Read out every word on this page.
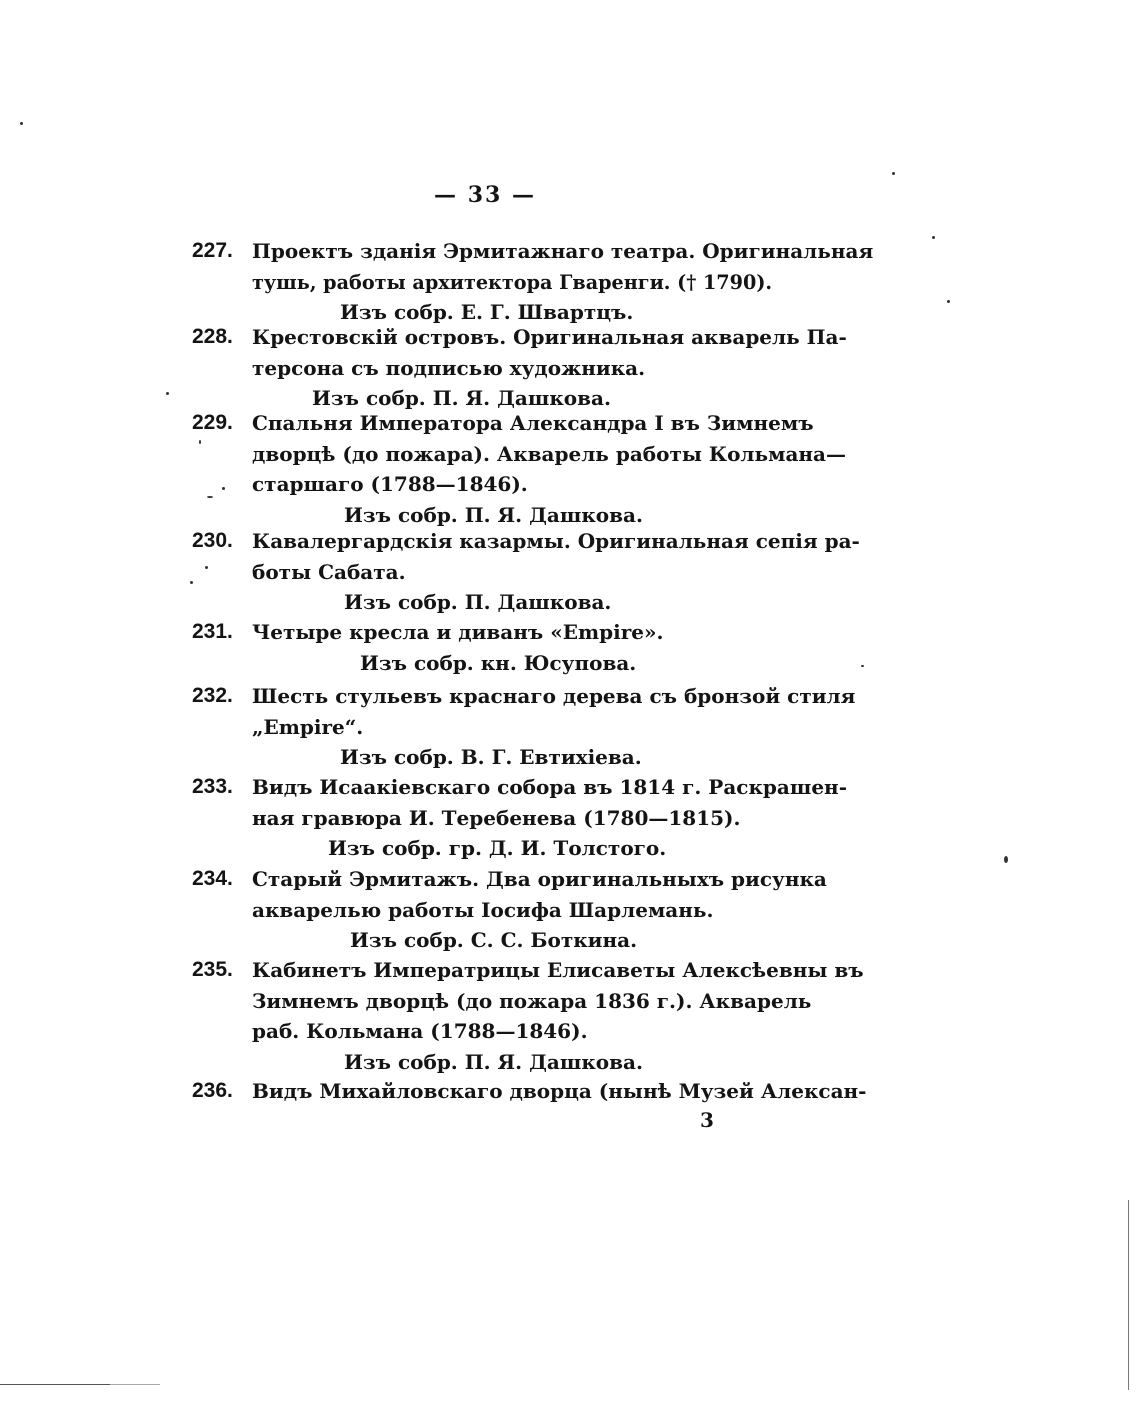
— 33 —
227. Проектъ зданія Эрмитажнаго театра. Оригинальная
тушь, работы архитектора Гваренги. († 1790).
Изъ собр. Е. Г. Швартцъ.
228. Крестовскій островъ. Оригинальная акварель Па-
терсона съ подписью художника.
Изъ собр. П. Я. Дашкова.
229. Спальня Императора Александра I въ Зимнемъ
дворцѣ (до пожара). Акварель работы Кольмана—
старшаго (1788—1846).
Изъ собр. П. Я. Дашкова.
230. Кавалергардскія казармы. Оригинальная сепія ра-
боты Сабата.
Изъ собр. П. Дашкова.
231. Четыре кресла и диванъ «Empire».
Изъ собр. кн. Юсупова.
232. Шесть стульевъ краснаго дерева съ бронзой стиля
„Empire“.
Изъ собр. В. Г. Евтихіева.
233. Видъ Исаакіевскаго собора въ 1814 г. Раскрашен-
ная гравюра И. Теребенева (1780—1815).
Изъ собр. гр. Д. И. Толстого.
234. Старый Эрмитажъ. Два оригинальныхъ рисунка
акварелью работы Іосифа Шарлемань.
Изъ собр. С. С. Боткина.
235. Кабинетъ Императрицы Елисаветы Алексѣевны въ
Зимнемъ дворцѣ (до пожара 1836 г.). Акварель
раб. Кольмана (1788—1846).
Изъ собр. П. Я. Дашкова.
236. Видъ Михайловскаго дворца (нынѣ Музей Алексан-
3
